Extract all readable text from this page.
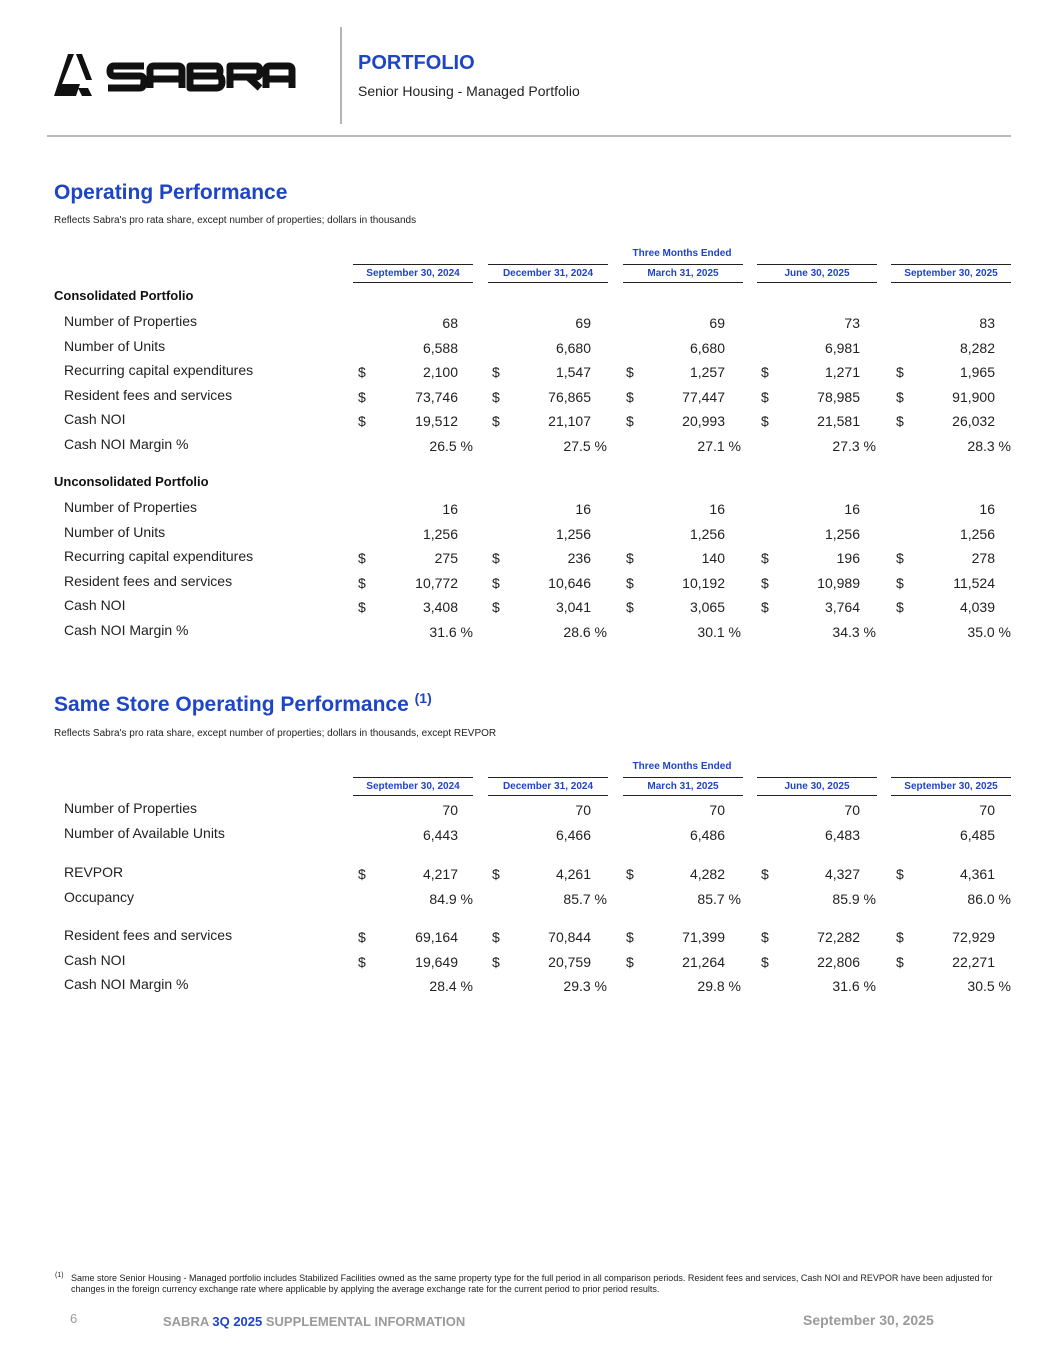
PORTFOLIO
Senior Housing - Managed Portfolio
Operating Performance
Reflects Sabra's pro rata share, except number of properties; dollars in thousands
Three Months Ended
September 30, 2024	December 31, 2024	March 31, 2025	June 30, 2025	September 30, 2025
Consolidated Portfolio
Number of Properties	68	69	69	73	83
Number of Units	6,588	6,680	6,680	6,981	8,282
Recurring capital expenditures	$	2,100 $	1,547	$	1,257	$	1,271	$	1,965
Resident fees and services	$	73,746 $	76,865	$	77,447	$	78,985	$	91,900
Cash NOI	$	19,512 $	21,107	$	20,993	$	21,581	$	26,032
Cash NOI Margin %	26.5 %	27.5 %	27.1 %	27.3 %	28.3 %
Unconsolidated Portfolio
Number of Properties	16	16	16	16	16
Number of Units	1,256	1,256	1,256	1,256	1,256
Recurring capital expenditures	$	275 $	236	$	140	$	196	$	278
Resident fees and services	$	10,772 $	10,646	$	10,192	$	10,989	$	11,524
Cash NOI	$	3,408 $	3,041	$	3,065	$	3,764	$	4,039
Cash NOI Margin %	31.6 %	28.6 %	30.1 %	34.3 %	35.0 %
Same Store Operating Performance $^{(1)}$
Reflects Sabra's pro rata share, except number of properties; dollars in thousands, except REVPOR
Three Months Ended
September 30, 2024	December 31, 2024	March 31, 2025	June 30, 2025	September 30, 2025
Number of Properties	70	70	70	70	70
Number of Available Units	6,443	6,466	6,486	6,483	6,485
REVPOR	$	4,217 $	4,261	$	4,282	$	4,327	$	4,361
Occupancy	84.9 %	85.7 %	85.7 %	85.9 %	86.0 %
Resident fees and services	$	69,164 $	70,844	$	71,399	$	72,282	$	72,929
Cash NOI	$	19,649 $	20,759	$	21,264	$	22,806	$	22,271
Cash NOI Margin %	28.4 %	29.3 %	29.8 %	31.6 %	30.5 %
(1) Same store Senior Housing - Managed portfolio includes Stabilized Facilities owned as the same property type for the full period in all comparison periods. Resident fees and services, Cash NOI and REVPOR have been adjusted for changes in the foreign currency exchange rate where applicable by applying the average exchange rate for the current period to prior period results.
6	SABRA 3Q 2025 SUPPLEMENTAL INFORMATION	September 30, 2025
